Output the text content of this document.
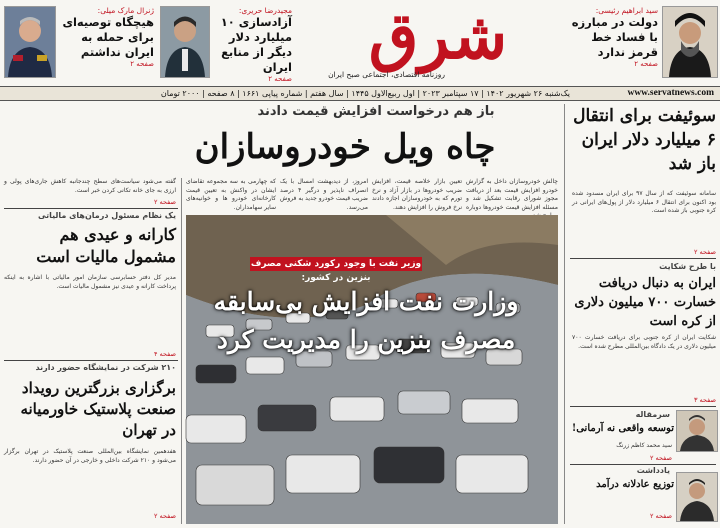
سید ابراهیم رئیسی:
دولت در مبارزه با فساد خط قرمز ندارد
صفحه ۲
شرق
روزنامه اقتصادی، اجتماعی صبح ایران
مجیدرضا حریری:
آزادسازی ۱۰ میلیارد دلار دیگر از منابع ایران
صفحه ۲
ژنرال مارک میلی:
هیچگاه توصیه‌ای برای حمله به ایران نداشتم
صفحه ۲
www.servatnews.com
یک‌شنبه ۲۶ شهریور ۱۴۰۲ | ۱۷ سپتامبر ۲۰۲۳ | اول ربیع‌الاول ۱۴۴۵ | سال هفتم | شماره پیاپی ۱۶۶۱ | ۸ صفحه | ۲۰۰۰ تومان
باز هم درخواست افزایش قیمت دادند
چاه ویل خودروسازان
چالش خودروسازان داخل به گزارش خودرو افزایش قیمت بعد از دریافت مجوز شورای رقابت تشکیل شد و مسئله افزایش قیمت خودروها دوباره
تعیین بازار خلاصه قیمت، افزایش ضریب خودروها در بازار آزاد و نرخ تورم که به خودروسازان اجازه دادند نرخ فروش را افزایش دهند.
امروز، از دیدبهشت امسال با یک انصراف ناپذیر و درگیر ۴ درصد ضریب قیمت خودرو جدید به فروش می‌رسد.
که چهارمی به سه مجموعه تقاضای ایشان در واکنش به تعیین قیمت کارخانه‌ای خودرو ها و خوانیه‌های سایر سهامداران.
وزیر نفت با وجود رکورد شکنی مصرف بنزین در کشور:
وزارت نفت افزایش بی‌سابقه مصرف بنزین را مدیریت کرد
سوئیفت برای انتقال ۶ میلیارد دلار ایران باز شد
سامانه سوئیفت که از سال ۹۷ برای ایران مسدود شده بود اکنون برای انتقال ۶ میلیارد دلار از پول‌های ایرانی در کره جنوبی باز شده است.
صفحه ۲
با طرح شکایت
ایران به دنبال دریافت خسارت ۷۰۰ میلیون دلاری از کره است
شکایت ایران از کره جنوبی برای دریافت خسارت ۷۰۰ میلیون دلاری در یک دادگاه بین‌المللی مطرح شده است.
صفحه ۳
سرمقاله
توسعه واقعی نه آرمانی!
سید محمد کاظم زرنگ
صفحه ۲
یادداشت
توزیع عادلانه درآمد
صفحه ۲
گفته می‌شود سیاست‌های سطح چندجانبه کاهش جاری‌های پولی و ارزی به جای خانه تکانی کردن خبر است.
صفحه ۲
یک نظام مسئول درمان‌های مالیاتی
کارانه و عیدی هم مشمول مالیات است
مدیر کل دفتر حسابرسی سازمان امور مالیاتی با اشاره به اینکه پرداخت کارانه و عیدی نیز مشمول مالیات است.
صفحه ۴
۲۱۰ شرکت در نمایشگاه حضور دارند
برگزاری بزرگترین رویداد صنعت پلاستیک خاورمیانه در تهران
هفدهمین نمایشگاه بین‌المللی صنعت پلاستیک در تهران برگزار می‌شود و ۲۱۰ شرکت داخلی و خارجی در آن حضور دارند.
صفحه ۲
